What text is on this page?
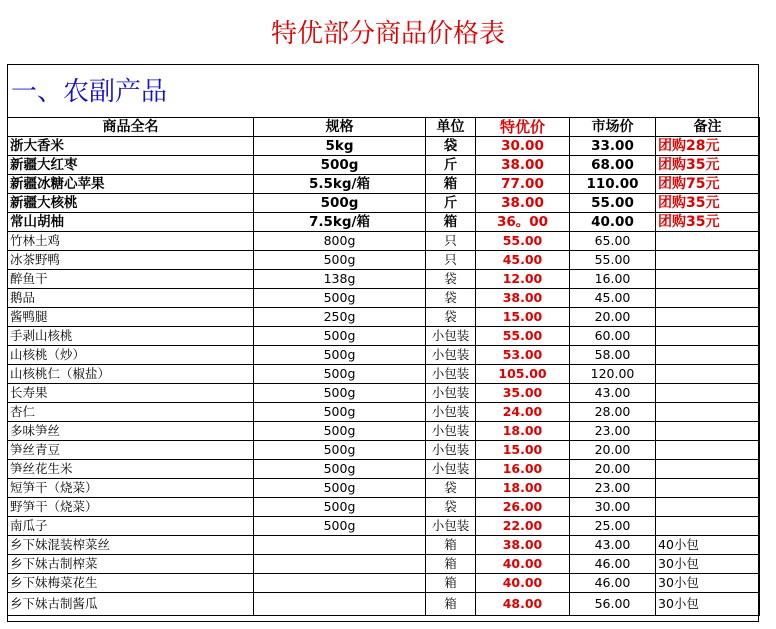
特优部分商品价格表
一、农副产品
商品全名	规格	单位	特优价	市场价	备注
浙大香米	5kg	袋	30.00	33.00	团购28元
新疆大红枣	500g	斤	38.00	68.00	团购35元
新疆冰糖心苹果	5.5kg/箱	箱	77.00	110.00	团购75元
新疆大核桃	500g	斤	38.00	55.00	团购35元
常山胡柚	7.5kg/箱	箱	36。00	40.00	团购35元
竹林土鸡	800g	只	55.00	65.00	
冰茶野鸭	500g	只	45.00	55.00	
醉鱼干	138g	袋	12.00	16.00	
鹅品	500g	袋	38.00	45.00	
酱鸭腿	250g	袋	15.00	20.00	
手剥山核桃	500g	小包装	55.00	60.00	
山核桃（炒）	500g	小包装	53.00	58.00	
山核桃仁（椒盐）	500g	小包装	105.00	120.00	
长寿果	500g	小包装	35.00	43.00	
杏仁	500g	小包装	24.00	28.00	
多味笋丝	500g	小包装	18.00	23.00	
笋丝青豆	500g	小包装	15.00	20.00	
笋丝花生米	500g	小包装	16.00	20.00	
短笋干（烧菜）	500g	袋	18.00	23.00	
野笋干（烧菜）	500g	袋	26.00	30.00	
南瓜子	500g	小包装	22.00	25.00	
乡下妹混装榨菜丝		箱	38.00	43.00	40小包
乡下妹古制榨菜		箱	40.00	46.00	30小包
乡下妹梅菜花生		箱	40.00	46.00	30小包
乡下妹古制酱瓜		箱	48.00	56.00	30小包
